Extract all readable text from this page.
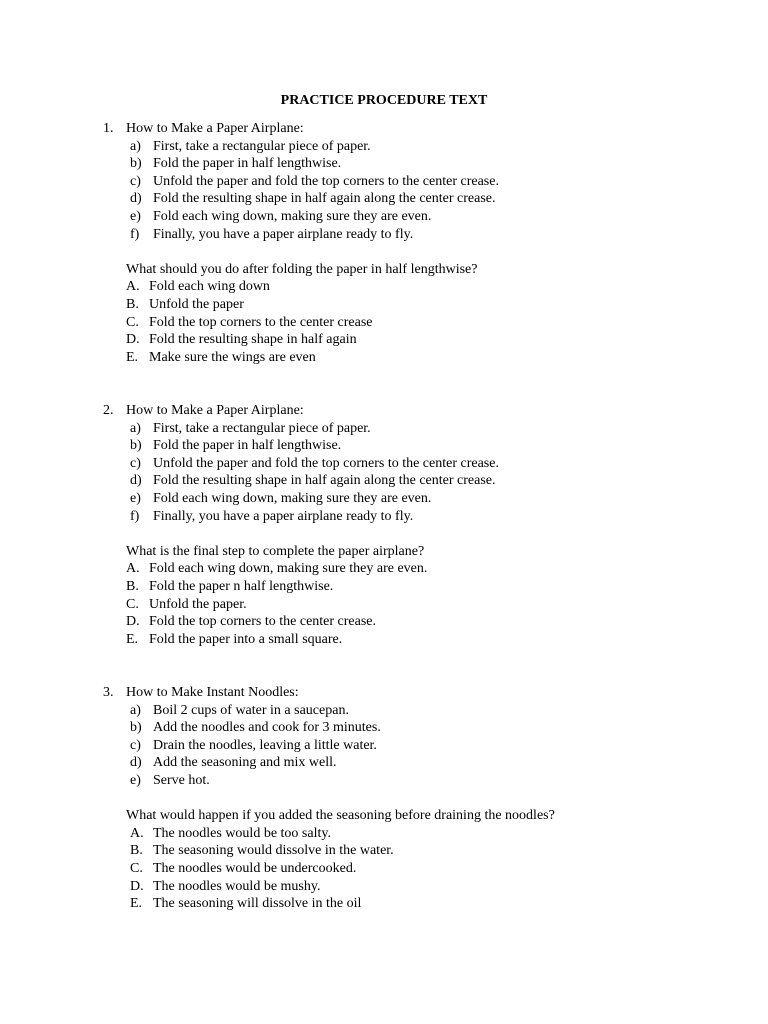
PRACTICE PROCEDURE TEXT
1. How to Make a Paper Airplane:
a) First, take a rectangular piece of paper.
b) Fold the paper in half lengthwise.
c) Unfold the paper and fold the top corners to the center crease.
d) Fold the resulting shape in half again along the center crease.
e) Fold each wing down, making sure they are even.
f) Finally, you have a paper airplane ready to fly.
What should you do after folding the paper in half lengthwise?
A. Fold each wing down
B. Unfold the paper
C. Fold the top corners to the center crease
D. Fold the resulting shape in half again
E. Make sure the wings are even
2. How to Make a Paper Airplane:
a) First, take a rectangular piece of paper.
b) Fold the paper in half lengthwise.
c) Unfold the paper and fold the top corners to the center crease.
d) Fold the resulting shape in half again along the center crease.
e) Fold each wing down, making sure they are even.
f) Finally, you have a paper airplane ready to fly.
What is the final step to complete the paper airplane?
A. Fold each wing down, making sure they are even.
B. Fold the paper n half lengthwise.
C. Unfold the paper.
D. Fold the top corners to the center crease.
E. Fold the paper into a small square.
3. How to Make Instant Noodles:
a) Boil 2 cups of water in a saucepan.
b) Add the noodles and cook for 3 minutes.
c) Drain the noodles, leaving a little water.
d) Add the seasoning and mix well.
e) Serve hot.
What would happen if you added the seasoning before draining the noodles?
A. The noodles would be too salty.
B. The seasoning would dissolve in the water.
C. The noodles would be undercooked.
D. The noodles would be mushy.
E. The seasoning will dissolve in the oil
